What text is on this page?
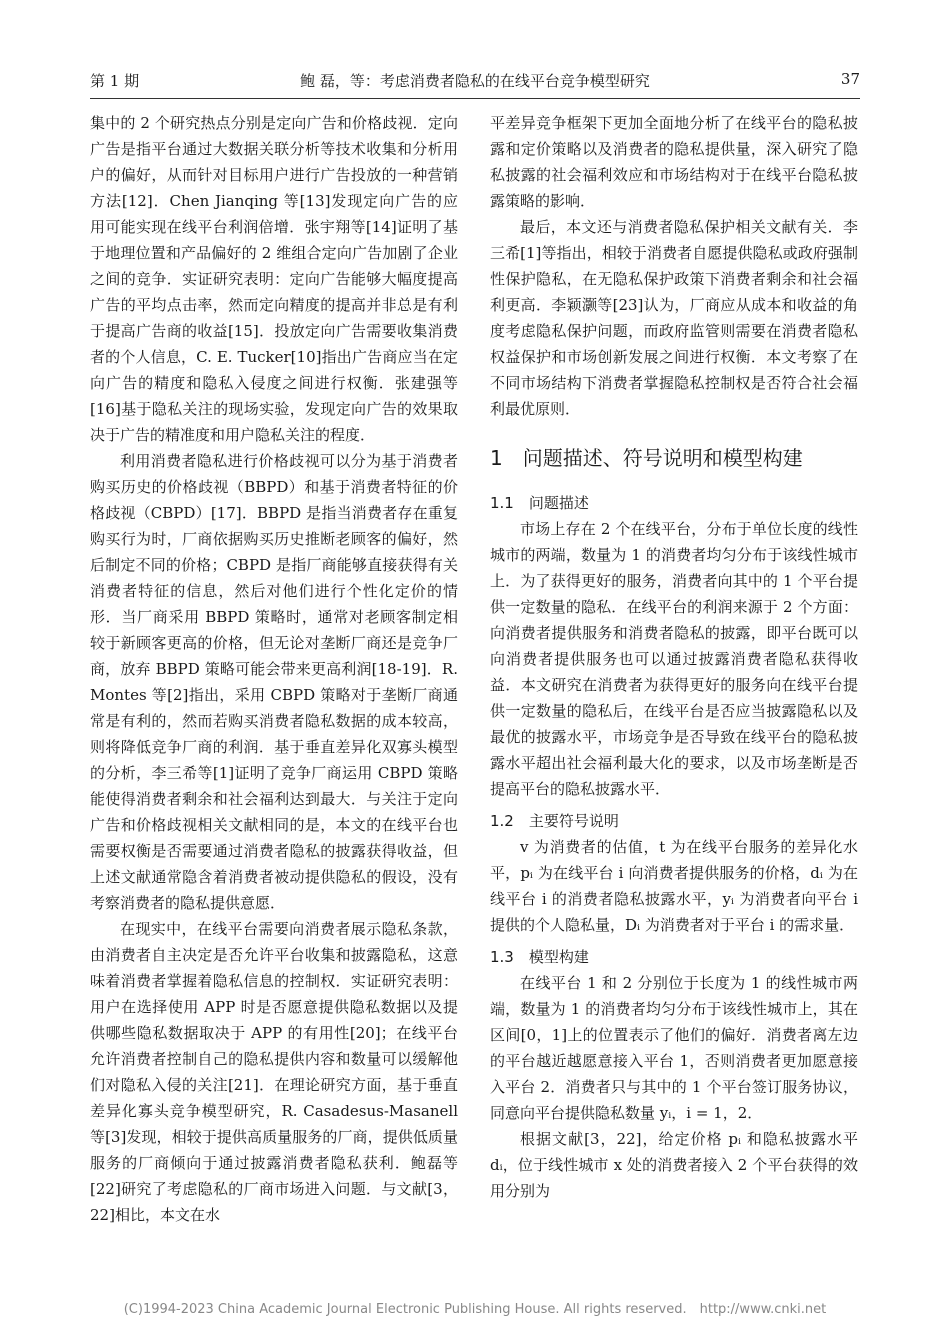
第 1 期	鲍 磊，等：考虑消费者隐私的在线平台竞争模型研究	37

集中的 2 个研究热点分别是定向广告和价格歧视．定向广告是指平台通过大数据关联分析等技术收集和分析用户的偏好，从而针对目标用户进行广告投放的一种营销方法[12]．Chen Jianqing 等[13]发现定向广告的应用可能实现在线平台利润倍增．张宇翔等[14]证明了基于地理位置和产品偏好的 2 维组合定向广告加剧了企业之间的竞争．实证研究表明：定向广告能够大幅度提高广告的平均点击率，然而定向精度的提高并非总是有利于提高广告商的收益[15]．投放定向广告需要收集消费者的个人信息，C. E. Tucker[10]指出广告商应当在定向广告的精度和隐私入侵度之间进行权衡．张建强等[16]基于隐私关注的现场实验，发现定向广告的效果取决于广告的精准度和用户隐私关注的程度．

利用消费者隐私进行价格歧视可以分为基于消费者购买历史的价格歧视（BBPD）和基于消费者特征的价格歧视（CBPD）[17]．BBPD 是指当消费者存在重复购买行为时，厂商依据购买历史推断老顾客的偏好，然后制定不同的价格；CBPD 是指厂商能够直接获得有关消费者特征的信息，然后对他们进行个性化定价的情形．当厂商采用 BBPD 策略时，通常对老顾客制定相较于新顾客更高的价格，但无论对垄断厂商还是竞争厂商，放弃 BBPD 策略可能会带来更高利润[18-19]．R. Montes 等[2]指出，采用 CBPD 策略对于垄断厂商通常是有利的，然而若购买消费者隐私数据的成本较高，则将降低竞争厂商的利润．基于垂直差异化双寡头模型的分析，李三希等[1]证明了竞争厂商运用 CBPD 策略能使得消费者剩余和社会福利达到最大．与关注于定向广告和价格歧视相关文献相同的是，本文的在线平台也需要权衡是否需要通过消费者隐私的披露获得收益，但上述文献通常隐含着消费者被动提供隐私的假设，没有考察消费者的隐私提供意愿．

在现实中，在线平台需要向消费者展示隐私条款，由消费者自主决定是否允许平台收集和披露隐私，这意味着消费者掌握着隐私信息的控制权．实证研究表明：用户在选择使用 APP 时是否愿意提供隐私数据以及提供哪些隐私数据取决于 APP 的有用性[20]；在线平台允许消费者控制自己的隐私提供内容和数量可以缓解他们对隐私入侵的关注[21]．在理论研究方面，基于垂直差异化寡头竞争模型研究，R. Casadesus-Masanell 等[3]发现，相较于提供高质量服务的厂商，提供低质量服务的厂商倾向于通过披露消费者隐私获利．鲍磊等[22]研究了考虑隐私的厂商市场进入问题．与文献[3，22]相比，本文在水

平差异竞争框架下更加全面地分析了在线平台的隐私披露和定价策略以及消费者的隐私提供量，深入研究了隐私披露的社会福利效应和市场结构对于在线平台隐私披露策略的影响．

最后，本文还与消费者隐私保护相关文献有关．李三希[1]等指出，相较于消费者自愿提供隐私或政府强制性保护隐私，在无隐私保护政策下消费者剩余和社会福利更高．李颖灏等[23]认为，厂商应从成本和收益的角度考虑隐私保护问题，而政府监管则需要在消费者隐私权益保护和市场创新发展之间进行权衡．本文考察了在不同市场结构下消费者掌握隐私控制权是否符合社会福利最优原则．

1　问题描述、符号说明和模型构建
1.1　问题描述

市场上存在 2 个在线平台，分布于单位长度的线性城市的两端，数量为 1 的消费者均匀分布于该线性城市上．为了获得更好的服务，消费者向其中的 1 个平台提供一定数量的隐私．在线平台的利润来源于 2 个方面：向消费者提供服务和消费者隐私的披露，即平台既可以向消费者提供服务也可以通过披露消费者隐私获得收益．本文研究在消费者为获得更好的服务向在线平台提供一定数量的隐私后，在线平台是否应当披露隐私以及最优的披露水平，市场竞争是否导致在线平台的隐私披露水平超出社会福利最大化的要求，以及市场垄断是否提高平台的隐私披露水平．

1.2　主要符号说明

v 为消费者的估值，t 为在线平台服务的差异化水平，pᵢ 为在线平台 i 向消费者提供服务的价格，dᵢ 为在线平台 i 的消费者隐私披露水平，yᵢ 为消费者向平台 i 提供的个人隐私量，Dᵢ 为消费者对于平台 i 的需求量．

1.3　模型构建

在线平台 1 和 2 分别位于长度为 1 的线性城市两端，数量为 1 的消费者均匀分布于该线性城市上，其在区间[0，1]上的位置表示了他们的偏好．消费者离左边的平台越近越愿意接入平台 1，否则消费者更加愿意接入平台 2．消费者只与其中的 1 个平台签订服务协议，同意向平台提供隐私数量 yᵢ，i = 1，2．

根据文献[3，22]，给定价格 pᵢ 和隐私披露水平 dᵢ，位于线性城市 x 处的消费者接入 2 个平台获得的效用分别为

(C)1994-2023 China Academic Journal Electronic Publishing House. All rights reserved.　http://www.cnki.net
